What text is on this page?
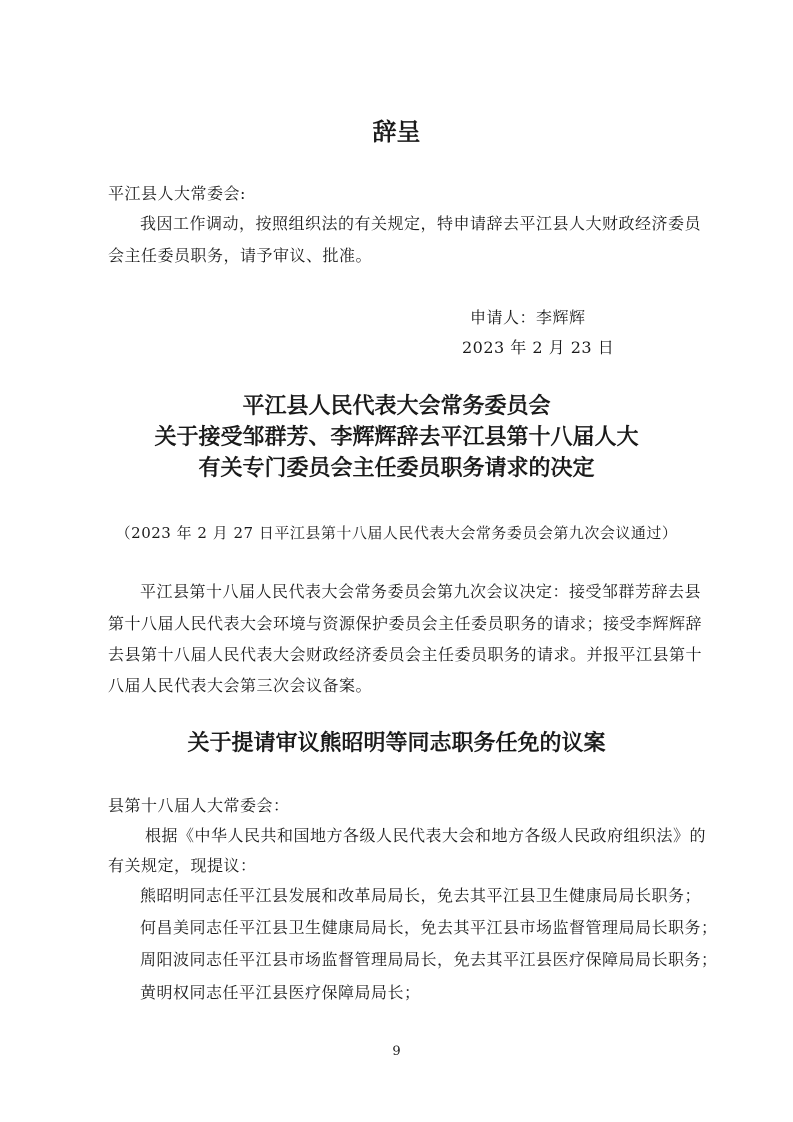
辞呈
平江县人大常委会:
我因工作调动，按照组织法的有关规定，特申请辞去平江县人大财政经济委员
会主任委员职务，请予审议、批准。
申请人：李辉辉
2023 年 2 月 23 日
平江县人民代表大会常务委员会
关于接受邹群芳、李辉辉辞去平江县第十八届人大
有关专门委员会主任委员职务请求的决定
（2023 年 2 月 27 日平江县第十八届人民代表大会常务委员会第九次会议通过）
平江县第十八届人民代表大会常务委员会第九次会议决定：接受邹群芳辞去县
第十八届人民代表大会环境与资源保护委员会主任委员职务的请求；接受李辉辉辞
去县第十八届人民代表大会财政经济委员会主任委员职务的请求。并报平江县第十
八届人民代表大会第三次会议备案。
关于提请审议熊昭明等同志职务任免的议案
县第十八届人大常委会：
根据《中华人民共和国地方各级人民代表大会和地方各级人民政府组织法》的
有关规定，现提议：
熊昭明同志任平江县发展和改革局局长，免去其平江县卫生健康局局长职务；
何昌美同志任平江县卫生健康局局长，免去其平江县市场监督管理局局长职务；
周阳波同志任平江县市场监督管理局局长，免去其平江县医疗保障局局长职务；
黄明权同志任平江县医疗保障局局长；
9
